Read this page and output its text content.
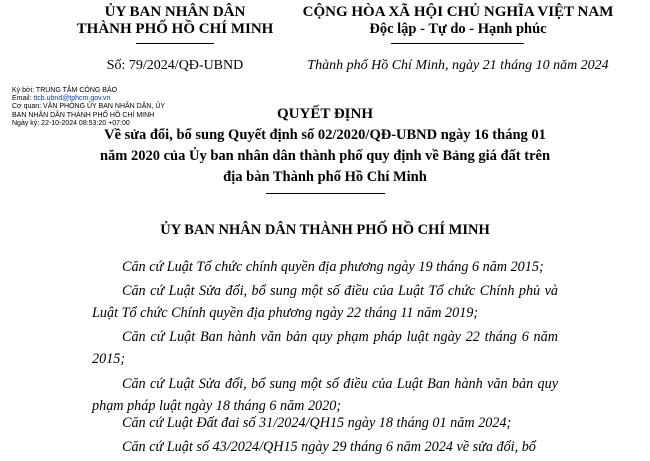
ỦY BAN NHÂN DÂN
THÀNH PHỐ HỒ CHÍ MINH
Số: 79/2024/QĐ-UBND
CỘNG HÒA XÃ HỘI CHỦ NGHĨA VIỆT NAM
Độc lập - Tự do - Hạnh phúc
Thành phố Hồ Chí Minh, ngày 21 tháng 10 năm 2024
Ký bởi: TRUNG TÂM CÔNG BÁO
Email: ttcb.ubnd@tphcm.gov.vn
Cơ quan: VĂN PHÒNG ỦY BAN NHÂN DÂN, ỦY
BAN NHÂN DÂN THÀNH PHỐ HỒ CHÍ MINH
Ngày ký: 22-10-2024 08:53:20 +07:00
QUYẾT ĐỊNH
Về sửa đổi, bổ sung Quyết định số 02/2020/QĐ-UBND ngày 16 tháng 01
năm 2020 của Ủy ban nhân dân thành phố quy định về Bảng giá đất trên
địa bàn Thành phố Hồ Chí Minh
ỦY BAN NHÂN DÂN THÀNH PHỐ HỒ CHÍ MINH
Căn cứ Luật Tổ chức chính quyền địa phương ngày 19 tháng 6 năm 2015;
Căn cứ Luật Sửa đổi, bổ sung một số điều của Luật Tổ chức Chính phủ và Luật Tổ chức Chính quyền địa phương ngày 22 tháng 11 năm 2019;
Căn cứ Luật Ban hành văn bản quy phạm pháp luật ngày 22 tháng 6 năm 2015;
Căn cứ Luật Sửa đổi, bổ sung một số điều của Luật Ban hành văn bản quy phạm pháp luật ngày 18 tháng 6 năm 2020;
Căn cứ Luật Đất đai số 31/2024/QH15 ngày 18 tháng 01 năm 2024;
Căn cứ Luật số 43/2024/QH15 ngày 29 tháng 6 năm 2024 về sửa đổi, bổ
